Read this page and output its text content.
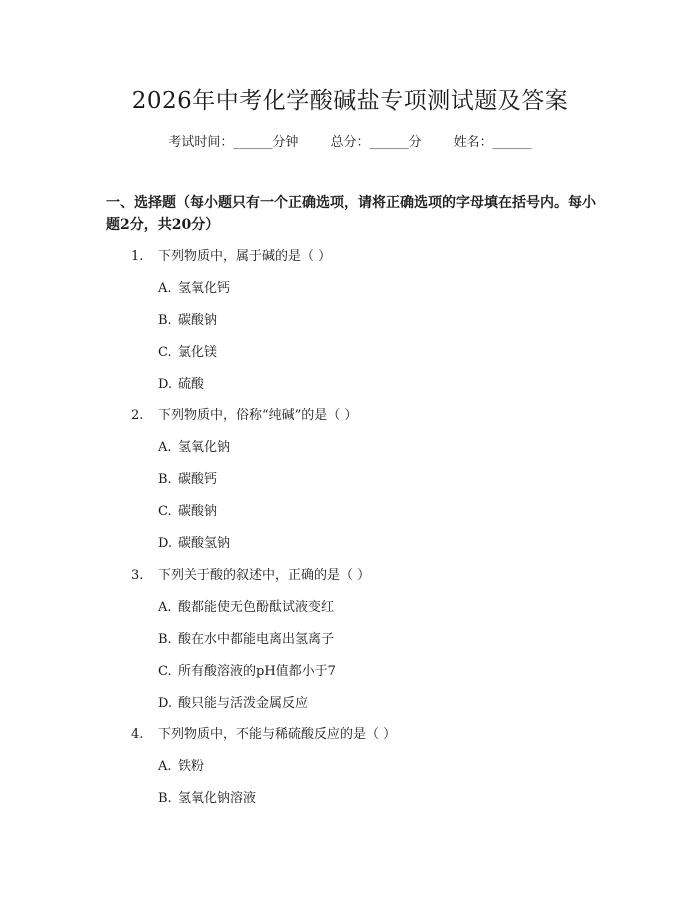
2026年中考化学酸碱盐专项测试题及答案
考试时间：______分钟 总分：______分 姓名：______
一、选择题（每小题只有一个正确选项，请将正确选项的字母填在括号内。每小题2分，共20分）
1. 下列物质中，属于碱的是（ ）
A. 氢氧化钙
B. 碳酸钠
C. 氯化镁
D. 硫酸
2. 下列物质中，俗称“纯碱”的是（ ）
A. 氢氧化钠
B. 碳酸钙
C. 碳酸钠
D. 碳酸氢钠
3. 下列关于酸的叙述中，正确的是（ ）
A. 酸都能使无色酚酞试液变红
B. 酸在水中都能电离出氢离子
C. 所有酸溶液的pH值都小于7
D. 酸只能与活泼金属反应
4. 下列物质中，不能与稀硫酸反应的是（ ）
A. 铁粉
B. 氢氧化钠溶液
